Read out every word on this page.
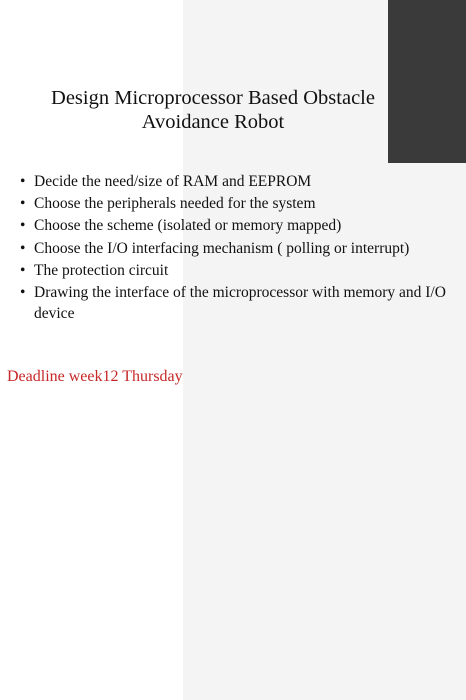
Design Microprocessor Based Obstacle
Avoidance Robot
• Decide the need/size of RAM and EEPROM
• Choose the peripherals needed for the system
• Choose the scheme (isolated or memory mapped)
• Choose the I/O interfacing mechanism ( polling or interrupt)
• The protection circuit
• Drawing the interface of the microprocessor with memory and I/O device

Deadline week12 Thursday
